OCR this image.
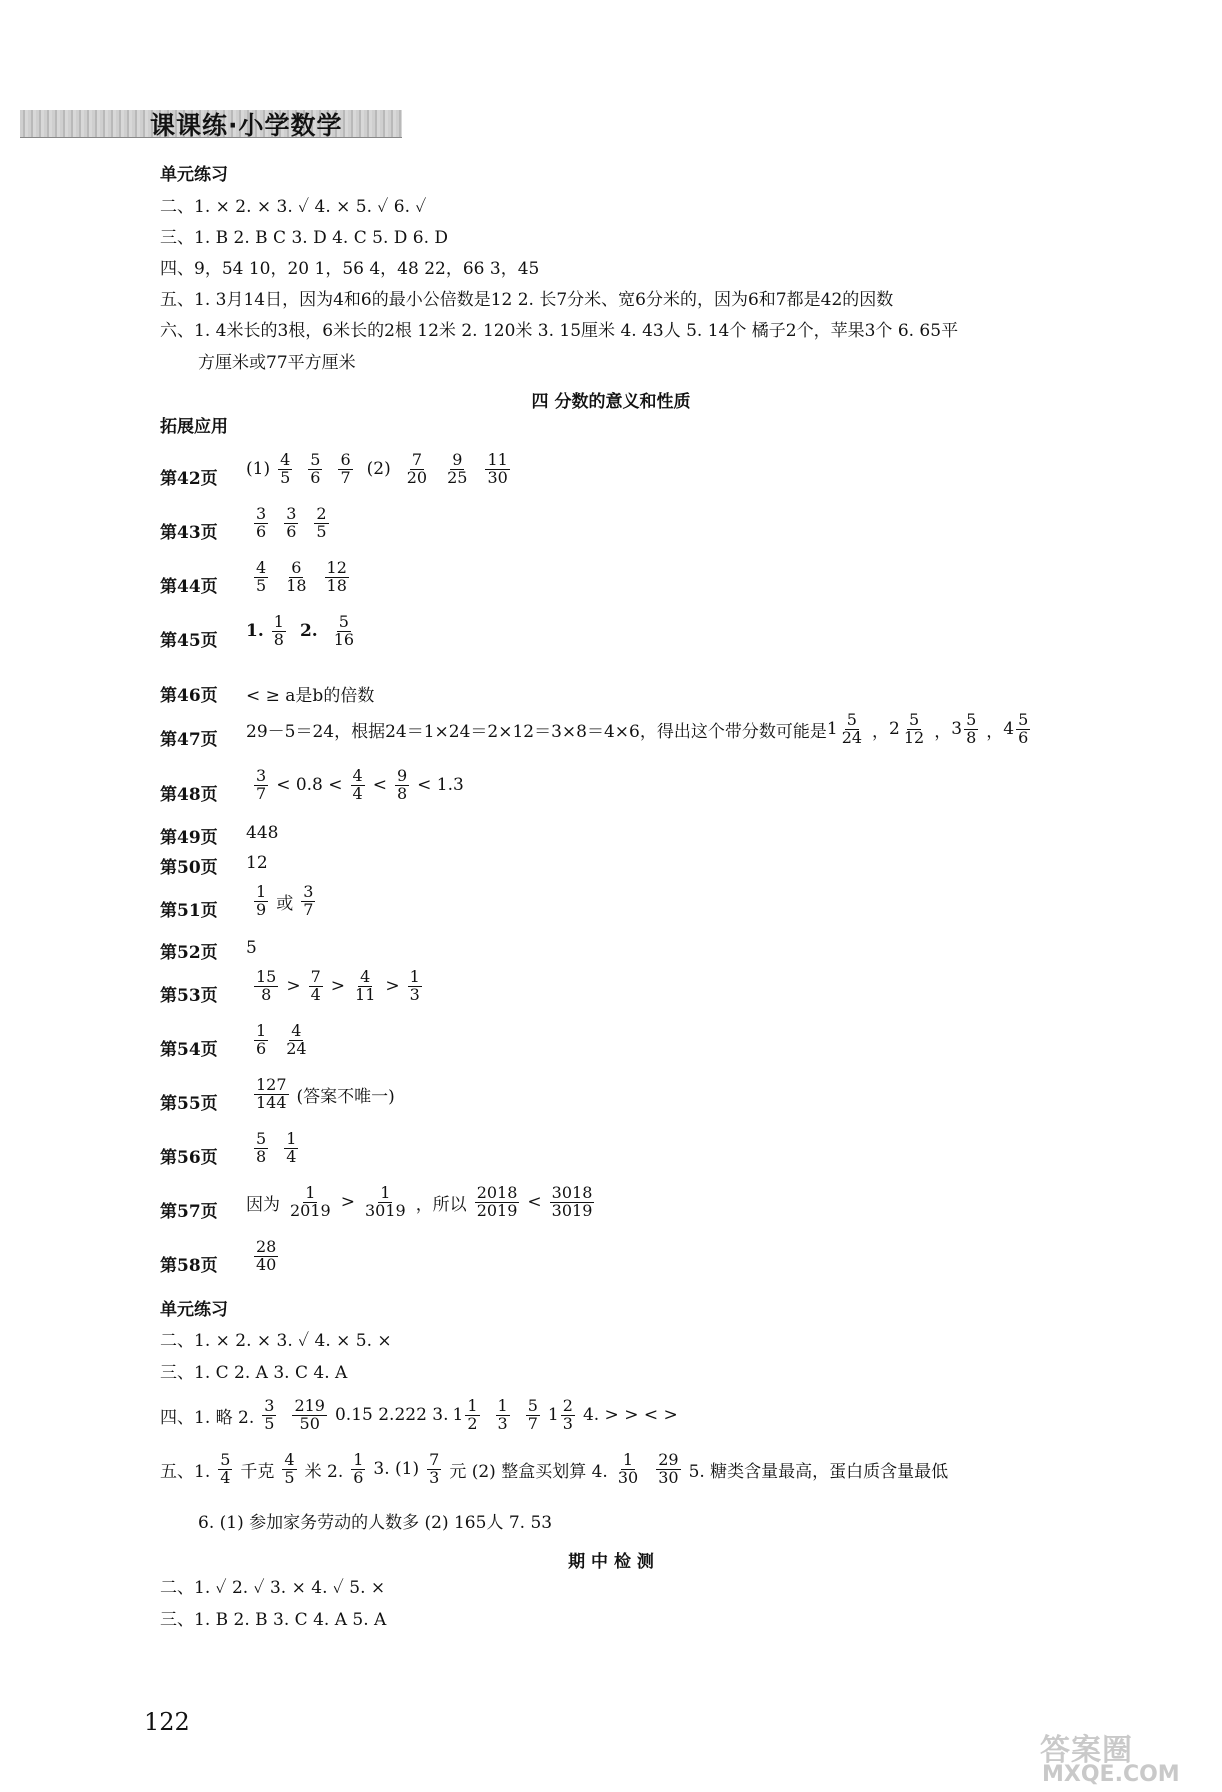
课课练·小学数学
单元练习
二、1. × 2. × 3. ✓ 4. × 5. ✓ 6. ✓
三、1. B 2. B C 3. D 4. C 5. D 6. D
四、9，54 10，20 1，56 4，48 22，66 3，45
五、1. 3月14日，因为4和6的最小公倍数是12 2. 长7分米、宽6分米的，因为6和7都是42的因数
六、1. 4米长的3根，6米长的2根 12米 2. 120米 3. 15厘米 4. 43人 5. 14个 橘子2个，苹果3个 6. 65平
方厘米或77平方厘米
四 分数的意义和性质
拓展应用
第42页 $(1) \frac{4}{5} \frac{5}{6} \frac{6}{7} (2) \frac{7}{20} \frac{9}{25} \frac{11}{30}$
第43页 $\frac{3}{6} \frac{3}{6} \frac{2}{5}$
第44页 $\frac{4}{5} \frac{6}{18} \frac{12}{18}$
第45页 1. $\frac{1}{8} 2$. $\frac{5}{16}$
第46页 < ≥ a是b的倍数
第47页 29－5＝24，根据24＝1×24＝2×12＝3×8＝4×6，得出这个带分数可能是 $1 \frac{5}{24}$ ， $2 \frac{5}{12}$ ， $3 \frac{5}{8}$ ， $4 \frac{5}{6}$
第48页 $\frac{3}{7} < 0.8 < \frac{4}{4} < \frac{9}{8} < 1.3$
第49页 448
第50页 12
第51页 $\frac{1}{9}$ 或 $\frac{3}{7}$
第52页 5
第53页 $\frac{15}{8} > \frac{7}{4} > \frac{4}{11} > \frac{1}{3}$
第54页 $\frac{1}{6} \frac{4}{24}$
第55页 $\frac{127}{144}$ (答案不唯一)
第56页 $\frac{5}{8} \frac{1}{4}$
第57页 因为 $\frac{1}{2019} > \frac{1}{3019}$ ，所以 $\frac{2018}{2019} < \frac{3018}{3019}$
第58页 $\frac{28}{40}$
单元练习
二、1. × 2. × 3. ✓ 4. × 5. ×
三、1. C 2. A 3. C 4. A
四、1. 略 2. $\frac{3}{5} \frac{219}{50} 0.15$ 2.222 3. $1 \frac{1}{2} \frac{1}{3} \frac{5}{7} 1 \frac{2}{3} 4$. > > < >
五、1. $\frac{5}{4}$ 千克 $\frac{4}{5}$ 米 2. $\frac{1}{6} 3$. $(1) \frac{7}{3}$ 元 (2) 整盒买划算 4. $\frac{1}{30} \frac{29}{30} 5$. 糖类含量最高，蛋白质含量最低
6. (1) 参加家务劳动的人数多 (2) 165人 7. 53
期 中 检 测
二、1. ✓ 2. ✓ 3. × 4. ✓ 5. ×
三、1. B 2. B 3. C 4. A 5. A
122
答案圈
MXQE.COM
